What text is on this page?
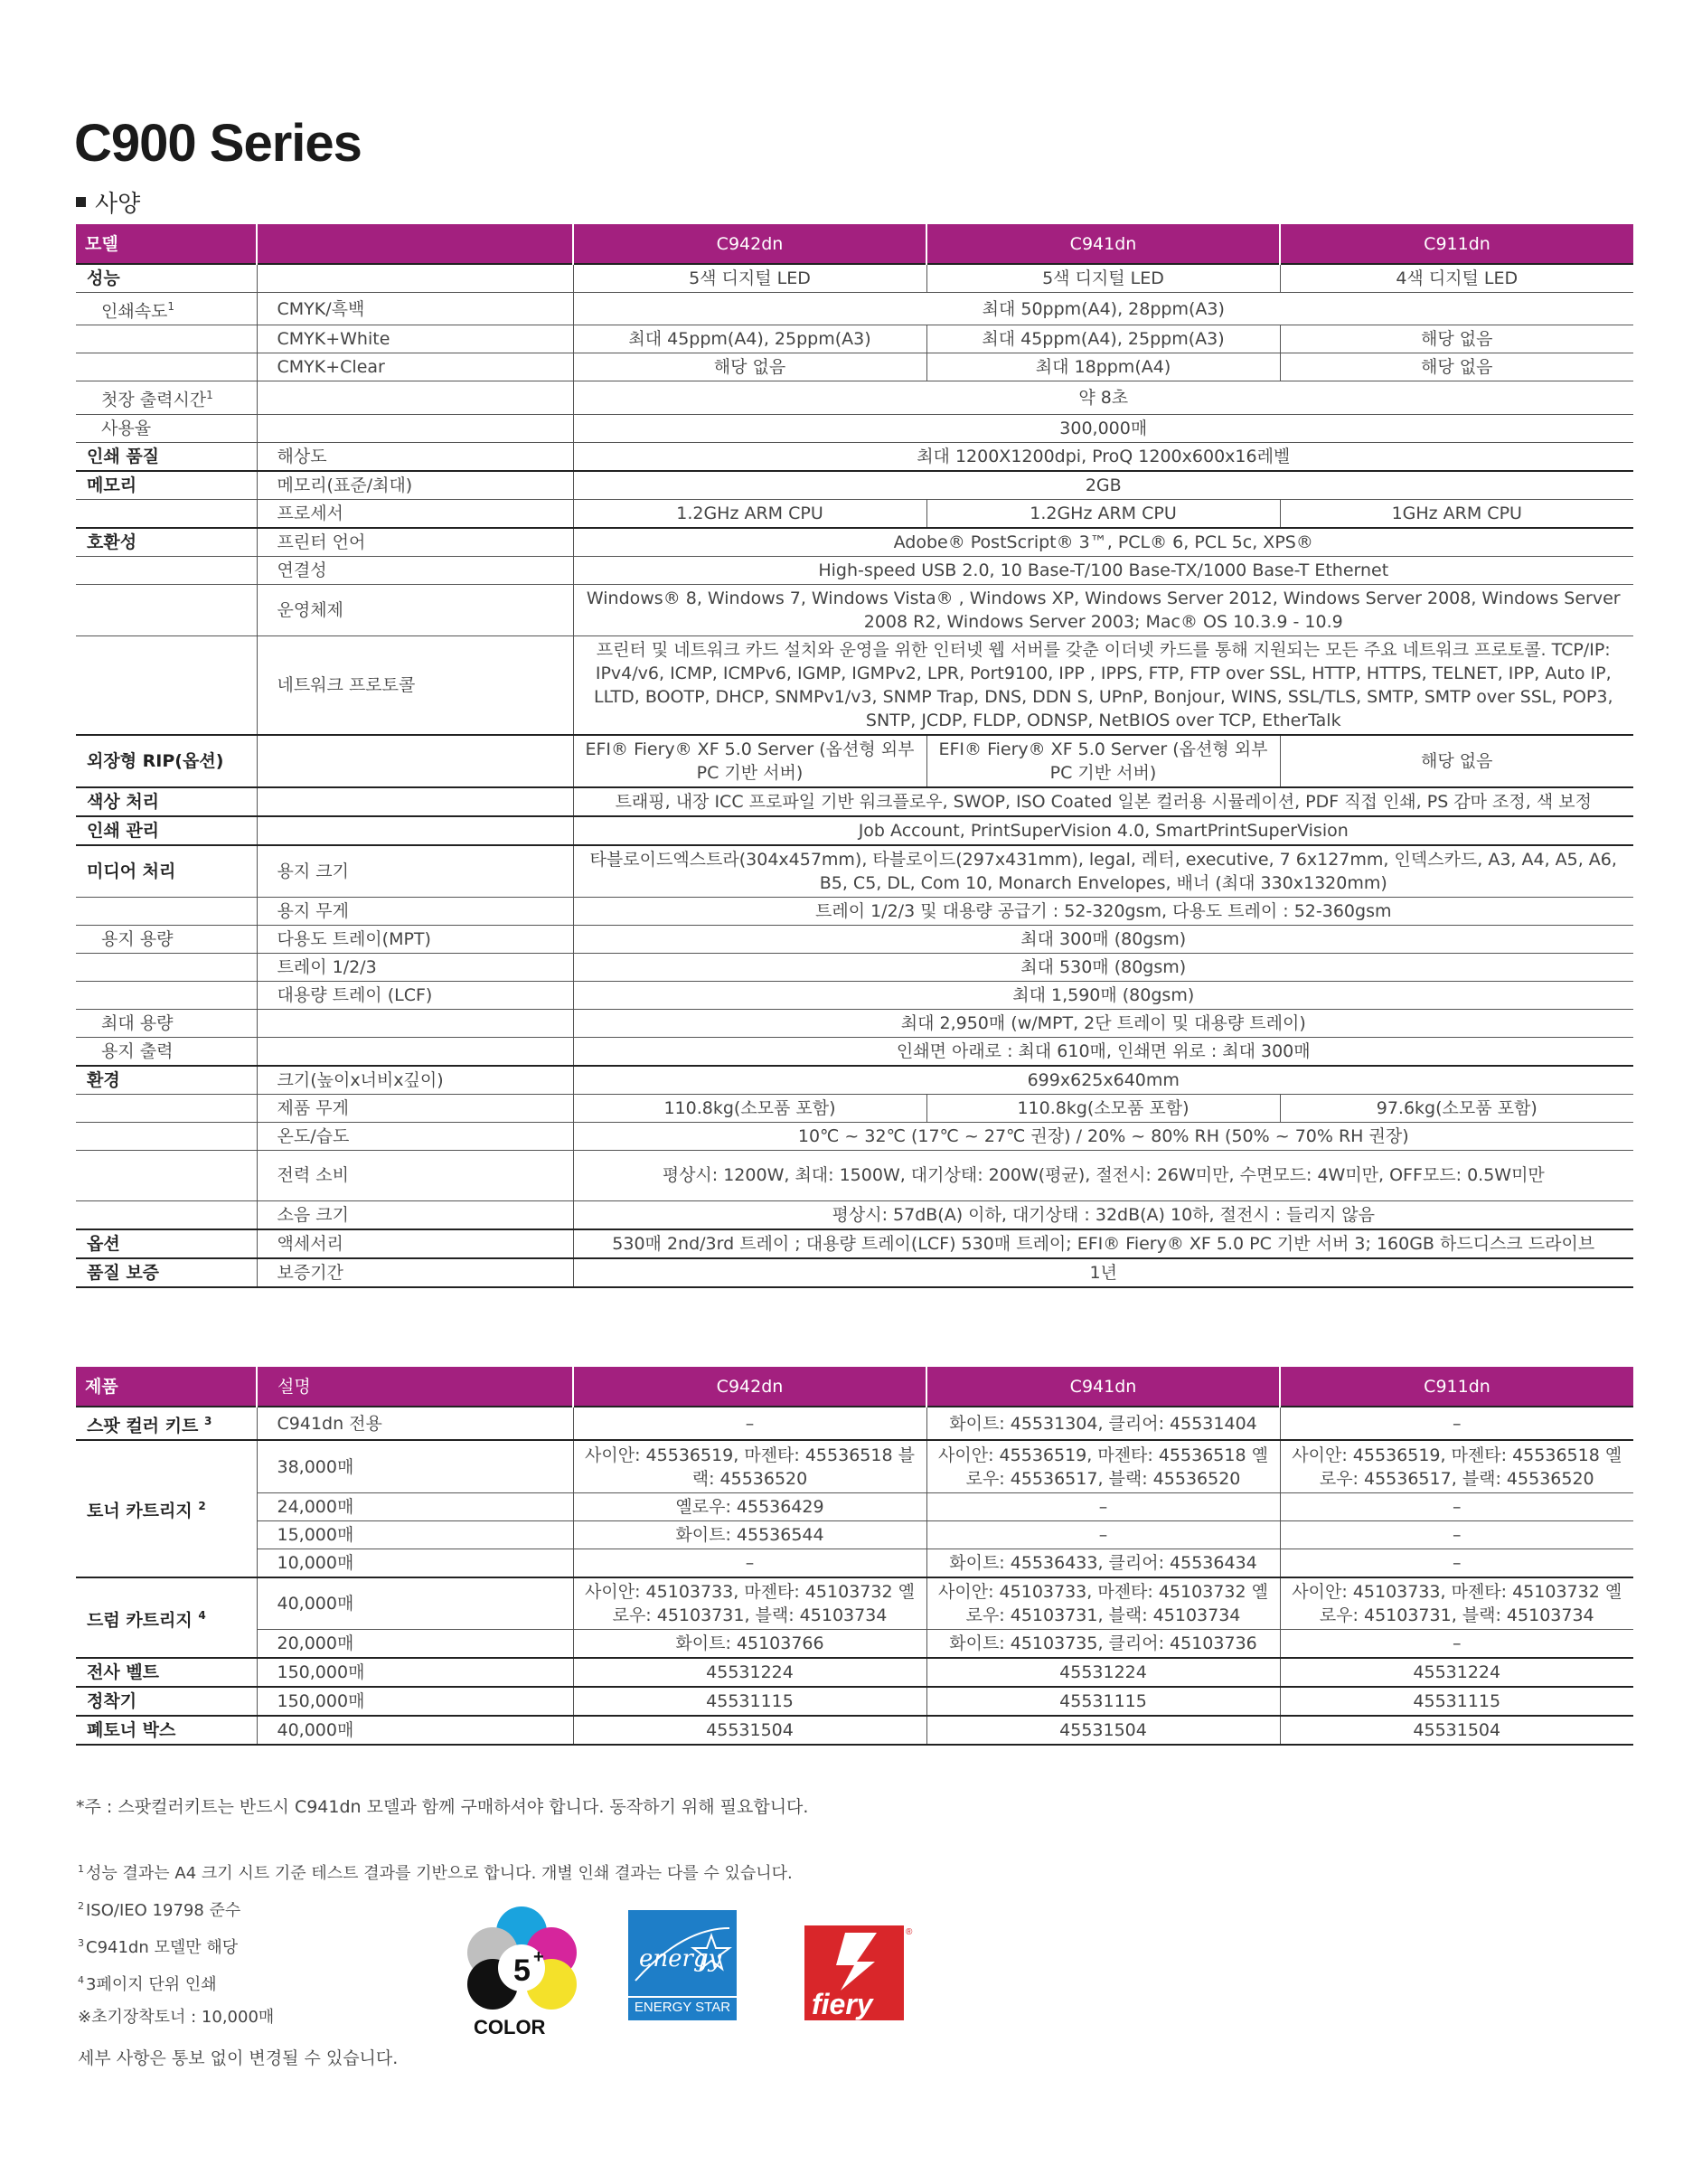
C900 Series
사양
모델		C942dn	C941dn	C911dn
성능		5색 디지털 LED	5색 디지털 LED	4색 디지털 LED
인쇄속도$^1$	CMYK/흑백	최대 50ppm(A4), 28ppm(A3)		
	CMYK+White	최대 45ppm(A4), 25ppm(A3)	최대 45ppm(A4), 25ppm(A3)	해당 없음
	CMYK+Clear	해당 없음	최대 18ppm(A4)	해당 없음
첫장 출력시간$^1$		약 8초		
사용율		300,000매		
인쇄 품질	해상도	최대 1200X1200dpi, ProQ 1200x600x16레벨		
메모리	메모리(표준/최대)	2GB		
	프로세서	1.2GHz ARM CPU	1.2GHz ARM CPU	1GHz ARM CPU
호환성	프린터 언어	Adobe® PostScript® 3™, PCL® 6, PCL 5c, XPS®		
	연결성	High-speed USB 2.0, 10 Base-T/100 Base-TX/1000 Base-T Ethernet		
	운영체제	Windows® 8, Windows 7, Windows Vista® , Windows XP, Windows Server 2012, Windows Server 2008, Windows Server 2008 R2, Windows Server 2003; Mac® OS 10.3.9 - 10.9		
	네트워크 프로토콜	프린터 및 네트워크 카드 설치와 운영을 위한 인터넷 웹 서버를 갖춘 이더넷 카드를 통해 지원되는 모든 주요 네트워크 프로토콜. TCP/IP: IPv4/v6, ICMP, ICMPv6, IGMP, IGMPv2, LPR, Port9100, IPP , IPPS, FTP, FTP over SSL, HTTP, HTTPS, TELNET, IPP, Auto IP, LLTD, BOOTP, DHCP, SNMPv1/v3, SNMP Trap, DNS, DDN S, UPnP, Bonjour, WINS, SSL/TLS, SMTP, SMTP over SSL, POP3, SNTP, JCDP, FLDP, ODNSP, NetBIOS over TCP, EtherTalk		
외장형 RIP(옵션)		EFI® Fiery® XF 5.0 Server (옵션형 외부 PC 기반 서버)	EFI® Fiery® XF 5.0 Server (옵션형 외부 PC 기반 서버)	해당 없음
색상 처리		트래핑, 내장 ICC 프로파일 기반 워크플로우, SWOP, ISO Coated 일본 컬러용 시뮬레이션, PDF 직접 인쇄, PS 감마 조정, 색 보정		
인쇄 관리		Job Account, PrintSuperVision 4.0, SmartPrintSuperVision		
미디어 처리	용지 크기	타블로이드엑스트라(304x457mm), 타블로이드(297x431mm), legal, 레터, executive, 7 6x127mm, 인덱스카드, A3, A4, A5, A6, B5, C5, DL, Com 10, Monarch Envelopes, 배너 (최대 330x1320mm)		
	용지 무게	트레이 1/2/3 및 대용량 공급기 : 52-320gsm, 다용도 트레이 : 52-360gsm		
용지 용량	다용도 트레이(MPT)	최대 300매 (80gsm)		
	트레이 1/2/3	최대 530매 (80gsm)		
	대용량 트레이 (LCF)	최대 1,590매 (80gsm)		
최대 용량		최대 2,950매 (w/MPT, 2단 트레이 및 대용량 트레이)		
용지 출력		인쇄면 아래로 : 최대 610매, 인쇄면 위로 : 최대 300매		
환경	크기(높이x너비x깊이)	699x625x640mm		
	제품 무게	110.8kg(소모품 포함)	110.8kg(소모품 포함)	97.6kg(소모품 포함)
	온도/습도	10℃ ~ 32℃ (17℃ ~ 27℃ 권장) / 20% ~ 80% RH (50% ~ 70% RH 권장)		
	전력 소비	평상시: 1200W, 최대: 1500W, 대기상태: 200W(평균), 절전시: 26W미만, 수면모드: 4W미만, OFF모드: 0.5W미만		
	소음 크기	평상시: 57dB(A) 이하, 대기상태 : 32dB(A) 10하, 절전시 : 들리지 않음		
옵션	액세서리	530매 2nd/3rd 트레이 ; 대용량 트레이(LCF) 530매 트레이; EFI® Fiery® XF 5.0 PC 기반 서버 3; 160GB 하드디스크 드라이브		
품질 보증	보증기간	1년		
제품	설명	C942dn	C941dn	C911dn
스팟 컬러 키트 $^3$	C941dn 전용	–	화이트: 45531304, 클리어: 45531404	–
토너 카트리지 $^2$	38,000매	사이안: 45536519, 마젠타: 45536518 블랙: 45536520	사이안: 45536519, 마젠타: 45536518 옐로우: 45536517, 블랙: 45536520	사이안: 45536519, 마젠타: 45536518 옐로우: 45536517, 블랙: 45536520
	24,000매	옐로우: 45536429	–	–
	15,000매	화이트: 45536544	–	–
	10,000매	–	화이트: 45536433, 클리어: 45536434	–
드럼 카트리지 $^4$	40,000매	사이안: 45103733, 마젠타: 45103732 옐로우: 45103731, 블랙: 45103734	사이안: 45103733, 마젠타: 45103732 옐로우: 45103731, 블랙: 45103734	사이안: 45103733, 마젠타: 45103732 옐로우: 45103731, 블랙: 45103734
	20,000매	화이트: 45103766	화이트: 45103735, 클리어: 45103736	–
전사 벨트	150,000매	45531224	45531224	45531224
정착기	150,000매	45531115	45531115	45531115
폐토너 박스	40,000매	45531504	45531504	45531504
*주 : 스팟컬러키트는 반드시 C941dn 모델과 함께 구매하셔야 합니다. 동작하기 위해 필요합니다.
$^1$ 성능 결과는 A4 크기 시트 기준 테스트 결과를 기반으로 합니다. 개별 인쇄 결과는 다를 수 있습니다.
$^2$ ISO/IEO 19798 준수
$^3$ C941dn 모델만 해당
$^4$ 3페이지 단위 인쇄
※초기장착토너 : 10,000매
세부 사항은 통보 없이 변경될 수 있습니다.
5 +
COLOR
energy
ENERGY STAR	fiery
®
